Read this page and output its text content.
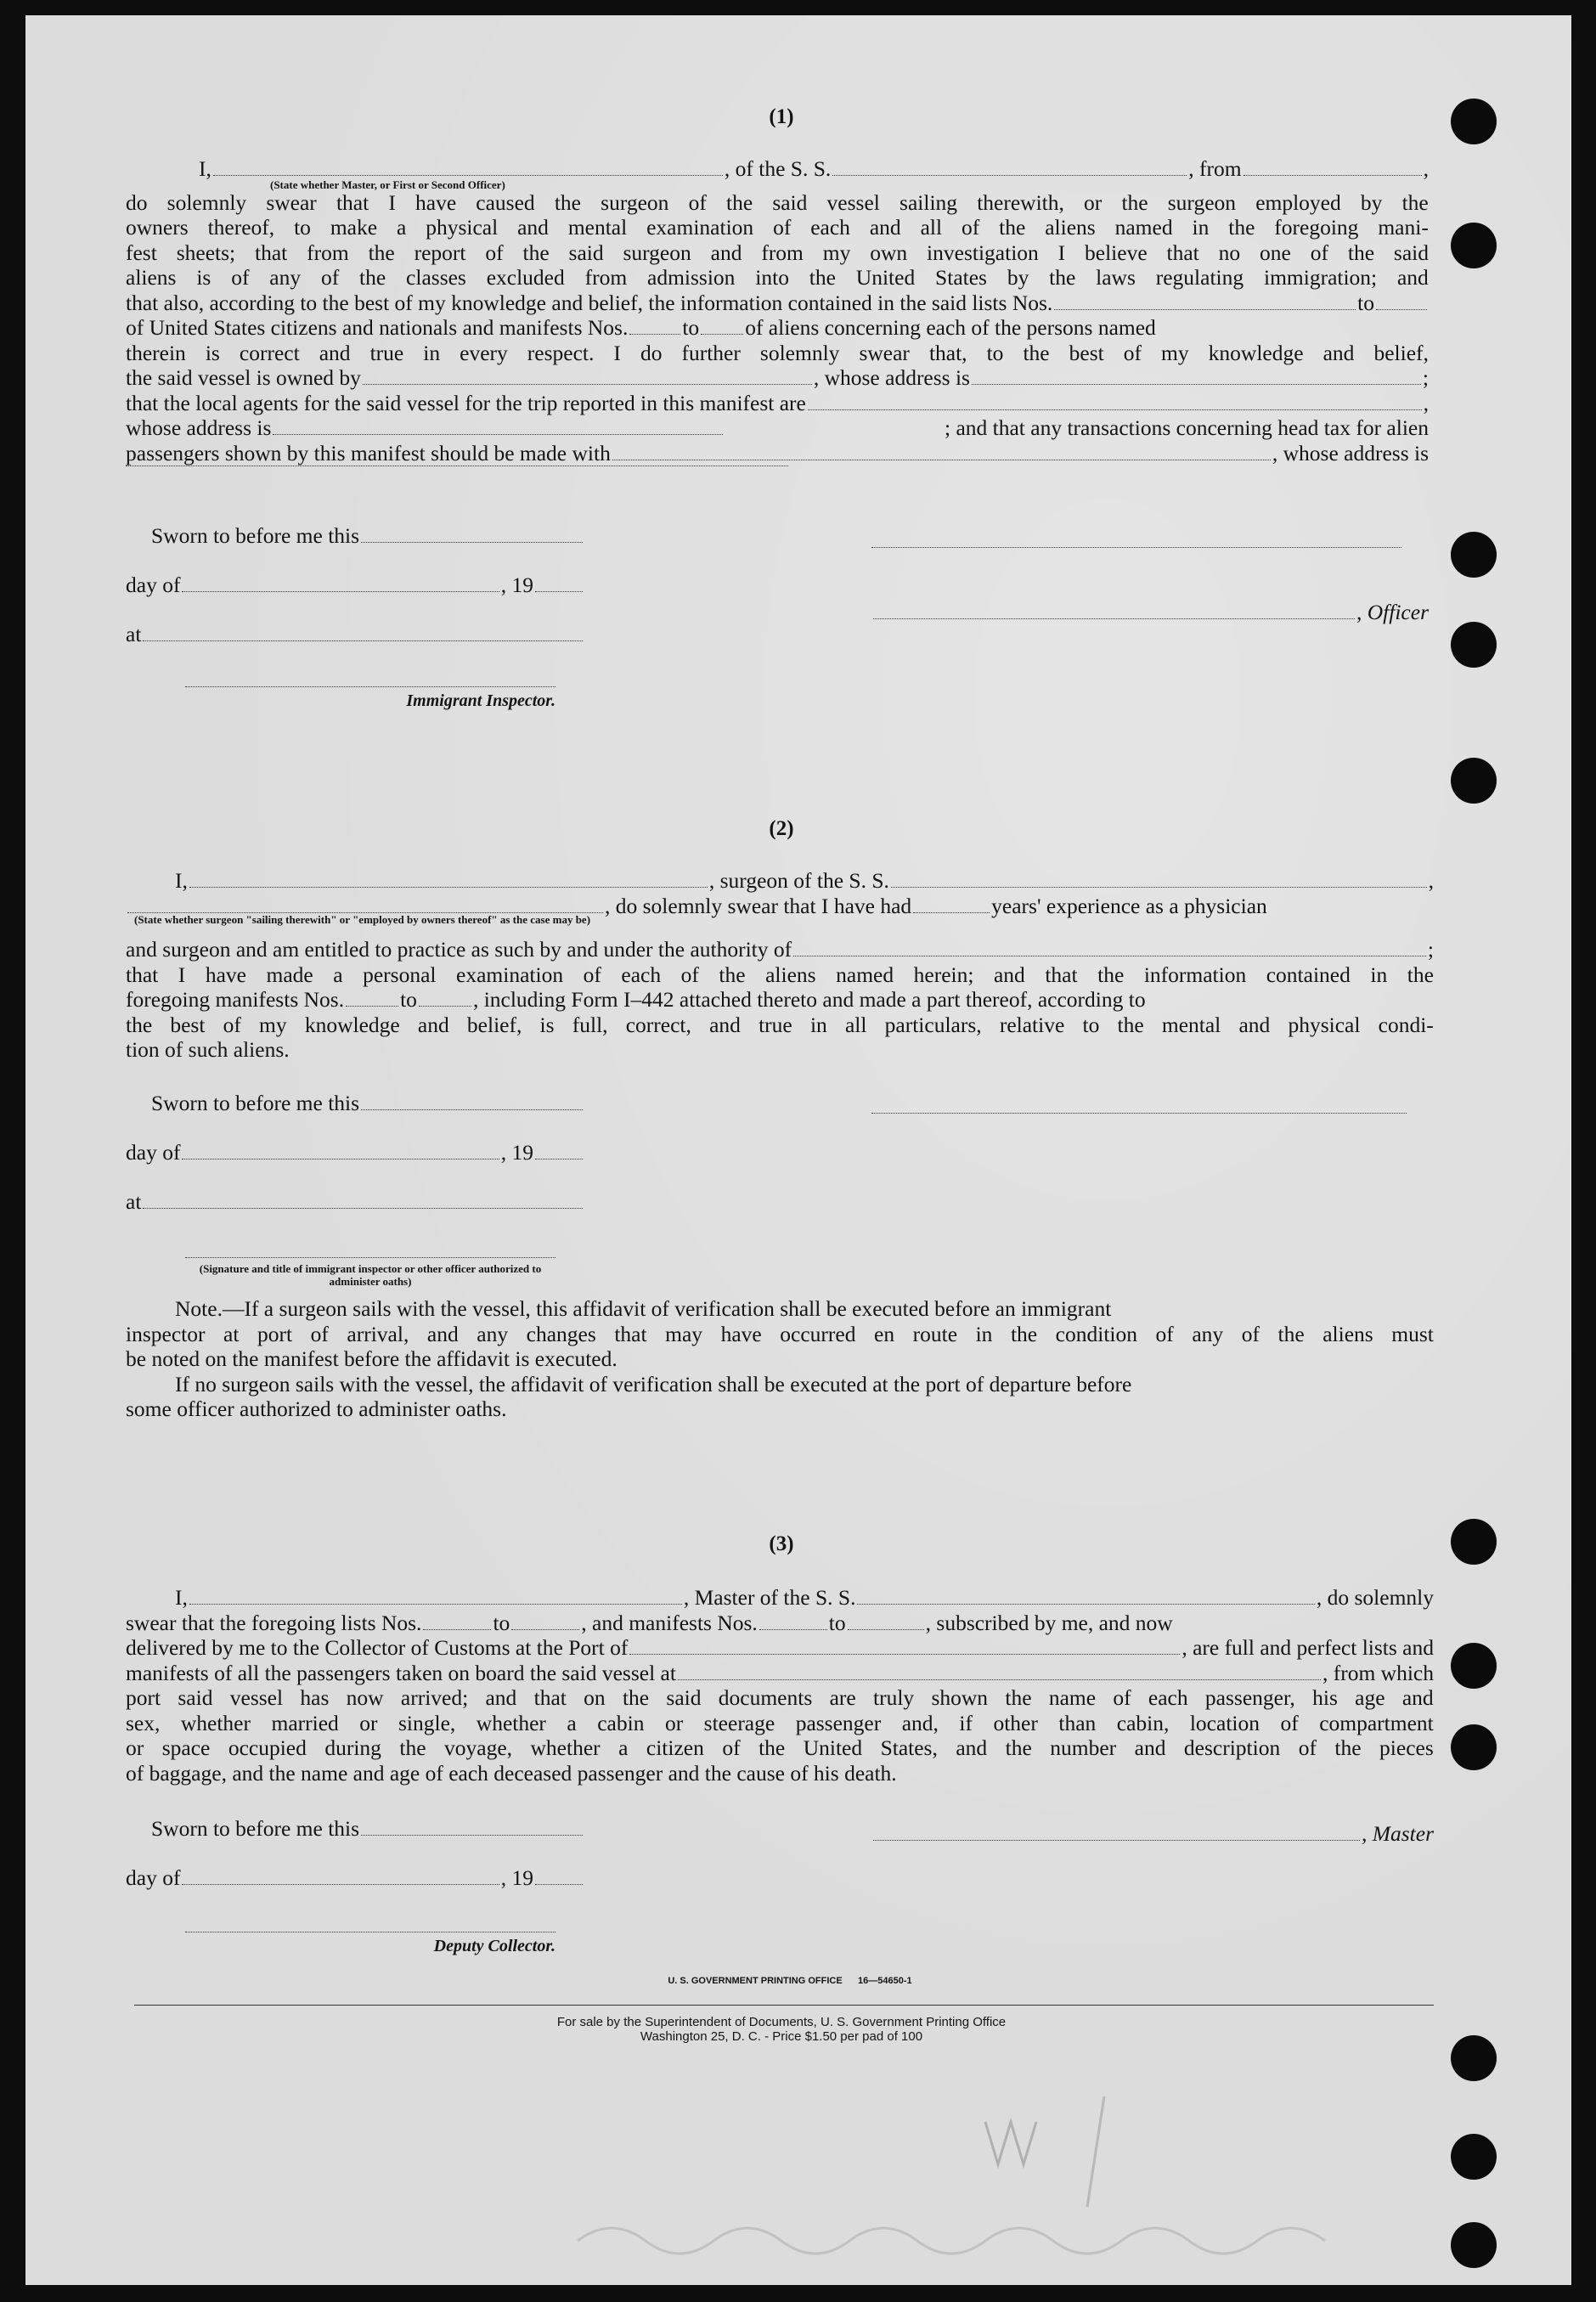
(1)
I,	, of the S. S.	, from	,
(State whether Master, or First or Second Officer)
do solemnly swear that I have caused the surgeon of the said vessel sailing therewith, or the surgeon employed by the
owners thereof, to make a physical and mental examination of each and all of the aliens named in the foregoing mani-
fest sheets; that from the report of the said surgeon and from my own investigation I believe that no one of the said
aliens is of any of the classes excluded from admission into the United States by the laws regulating immigration; and
that also, according to the best of my knowledge and belief, the information contained in the said lists Nos.	to
of United States citizens and nationals and manifests Nos.	to of aliens concerning each of the persons named
therein is correct and true in every respect. I do further solemnly swear that, to the best of my knowledge and belief,
the said vessel is owned by	, whose address is	;
that the local agents for the said vessel for the trip reported in this manifest are	,
whose address is	; and that any transactions concerning head tax for alien
passengers shown by this manifest should be made with	, whose address is
Sworn to before me this
day of	, 19
at
Immigrant Inspector.
, Officer
(2)
I,	, surgeon of the S. S.	,
, do solemnly swear that I have had	years' experience as a physician
(State whether surgeon "sailing therewith" or "employed by owners thereof" as the case may be)
and surgeon and am entitled to practice as such by and under the authority of	;
that I have made a personal examination of each of the aliens named herein; and that the information contained in the
foregoing manifests Nos.	to	, including Form I–442 attached thereto and made a part thereof, according to
the best of my knowledge and belief, is full, correct, and true in all particulars, relative to the mental and physical condi-
tion of such aliens.
Sworn to before me this
day of	, 19
at
(Signature and title of immigrant inspector or other officer authorized to administer oaths)
Note. —If a surgeon sails with the vessel, this affidavit of verification shall be executed before an immigrant
inspector at port of arrival, and any changes that may have occurred en route in the condition of any of the aliens must
be noted on the manifest before the affidavit is executed.
If no surgeon sails with the vessel, the affidavit of verification shall be executed at the port of departure before
some officer authorized to administer oaths.
(3)
I,	, Master of the S. S.	, do solemnly
swear that the foregoing lists Nos.	to	, and manifests Nos.	to	, subscribed by me, and now
delivered by me to the Collector of Customs at the Port of	, are full and perfect lists and
manifests of all the passengers taken on board the said vessel at	, from which
port said vessel has now arrived; and that on the said documents are truly shown the name of each passenger, his age and
sex, whether married or single, whether a cabin or steerage passenger and, if other than cabin, location of compartment
or space occupied during the voyage, whether a citizen of the United States, and the number and description of the pieces
of baggage, and the name and age of each deceased passenger and the cause of his death.
Sworn to before me this
day of	, 19
, Master
Deputy Collector.
U. S. GOVERNMENT PRINTING OFFICE      16—54650-1
For sale by the Superintendent of Documents, U. S. Government Printing Office
Washington 25, D. C. - Price $1.50 per pad of 100
